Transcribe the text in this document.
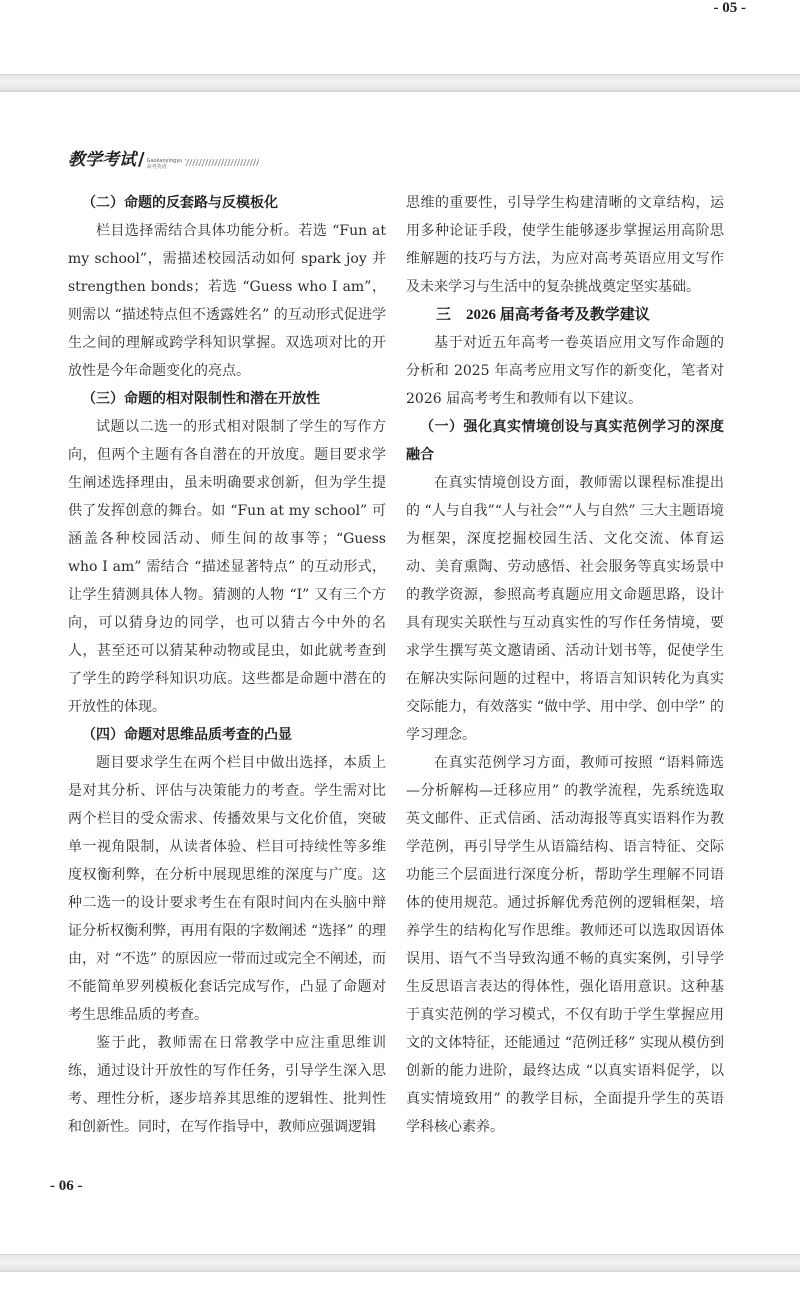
- 05 -
教学考试 / Gaokaoyingyu
高考英语

（二）命题的反套路与反模板化

栏目选择需结合具体功能分析。若选 “Fun at my school”，需描述校园活动如何 spark joy 并 strengthen bonds；若选 “Guess who I am”，则需以 “描述特点但不透露姓名” 的互动形式促进学生之间的理解或跨学科知识掌握。双选项对比的开放性是今年命题变化的亮点。

（三）命题的相对限制性和潜在开放性

试题以二选一的形式相对限制了学生的写作方向，但两个主题有各自潜在的开放度。题目要求学生阐述选择理由，虽未明确要求创新，但为学生提供了发挥创意的舞台。如 “Fun at my school” 可涵盖各种校园活动、师生间的故事等；“Guess who I am” 需结合 “描述显著特点” 的互动形式，让学生猜测具体人物。猜测的人物 “I” 又有三个方向，可以猜身边的同学，也可以猜古今中外的名人，甚至还可以猜某种动物或昆虫，如此就考查到了学生的跨学科知识功底。这些都是命题中潜在的开放性的体现。

（四）命题对思维品质考查的凸显

题目要求学生在两个栏目中做出选择，本质上是对其分析、评估与决策能力的考查。学生需对比两个栏目的受众需求、传播效果与文化价值，突破单一视角限制，从读者体验、栏目可持续性等多维度权衡利弊，在分析中展现思维的深度与广度。这种二选一的设计要求考生在有限时间内在头脑中辩证分析权衡利弊，再用有限的字数阐述 “选择” 的理由，对 “不选” 的原因应一带而过或完全不阐述，而不能简单罗列模板化套话完成写作，凸显了命题对考生思维品质的考查。

鉴于此，教师需在日常教学中应注重思维训练，通过设计开放性的写作任务，引导学生深入思考、理性分析，逐步培养其思维的逻辑性、批判性和创新性。同时，在写作指导中，教师应强调逻辑

思维的重要性，引导学生构建清晰的文章结构，运用多种论证手段，使学生能够逐步掌握运用高阶思维解题的技巧与方法，为应对高考英语应用文写作及未来学习与生活中的复杂挑战奠定坚实基础。

三　2026 届高考备考及教学建议

基于对近五年高考一卷英语应用文写作命题的分析和 2025 年高考应用文写作的新变化，笔者对 2026 届高考考生和教师有以下建议。

（一）强化真实情境创设与真实范例学习的深度融合

在真实情境创设方面，教师需以课程标准提出的 “人与自我”“人与社会”“人与自然” 三大主题语境为框架，深度挖掘校园生活、文化交流、体育运动、美育熏陶、劳动感悟、社会服务等真实场景中的教学资源，参照高考真题应用文命题思路，设计具有现实关联性与互动真实性的写作任务情境，要求学生撰写英文邀请函、活动计划书等，促使学生在解决实际问题的过程中，将语言知识转化为真实交际能力，有效落实 “做中学、用中学、创中学” 的学习理念。

在真实范例学习方面，教师可按照 “语料筛选—分析解构—迁移应用” 的教学流程，先系统选取英文邮件、正式信函、活动海报等真实语料作为教学范例，再引导学生从语篇结构、语言特征、交际功能三个层面进行深度分析，帮助学生理解不同语体的使用规范。通过拆解优秀范例的逻辑框架，培养学生的结构化写作思维。教师还可以选取因语体误用、语气不当导致沟通不畅的真实案例，引导学生反思语言表达的得体性，强化语用意识。这种基于真实范例的学习模式，不仅有助于学生掌握应用文的文体特征，还能通过 “范例迁移” 实现从模仿到创新的能力进阶，最终达成 “以真实语料促学，以真实情境致用” 的教学目标，全面提升学生的英语学科核心素养。

- 06 -
